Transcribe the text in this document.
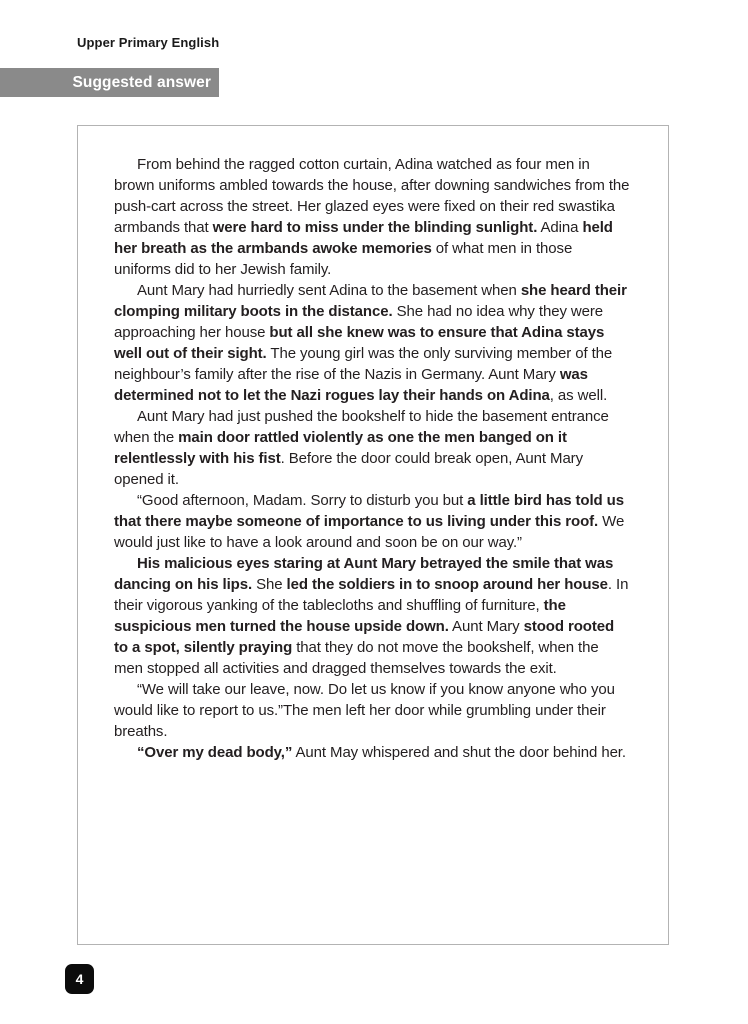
Upper Primary English
Suggested answer

From behind the ragged cotton curtain, Adina watched as four men in brown uniforms ambled towards the house, after downing sandwiches from the push-cart across the street. Her glazed eyes were fixed on their red swastika armbands that were hard to miss under the blinding sunlight. Adina held her breath as the armbands awoke memories of what men in those uniforms did to her Jewish family.

Aunt Mary had hurriedly sent Adina to the basement when she heard their clomping military boots in the distance. She had no idea why they were approaching her house but all she knew was to ensure that Adina stays well out of their sight. The young girl was the only surviving member of the neighbour’s family after the rise of the Nazis in Germany. Aunt Mary was determined not to let the Nazi rogues lay their hands on Adina, as well.

Aunt Mary had just pushed the bookshelf to hide the basement entrance when the main door rattled violently as one the men banged on it relentlessly with his fist. Before the door could break open, Aunt Mary opened it.

“Good afternoon, Madam. Sorry to disturb you but a little bird has told us that there maybe someone of importance to us living under this roof. We would just like to have a look around and soon be on our way.”

His malicious eyes staring at Aunt Mary betrayed the smile that was dancing on his lips. She led the soldiers in to snoop around her house. In their vigorous yanking of the tablecloths and shuffling of furniture, the suspicious men turned the house upside down. Aunt Mary stood rooted to a spot, silently praying that they do not move the bookshelf, when the men stopped all activities and dragged themselves towards the exit.

“We will take our leave, now. Do let us know if you know anyone who you would like to report to us.”The men left her door while grumbling under their breaths.

“Over my dead body,” Aunt May whispered and shut the door behind her.

4
